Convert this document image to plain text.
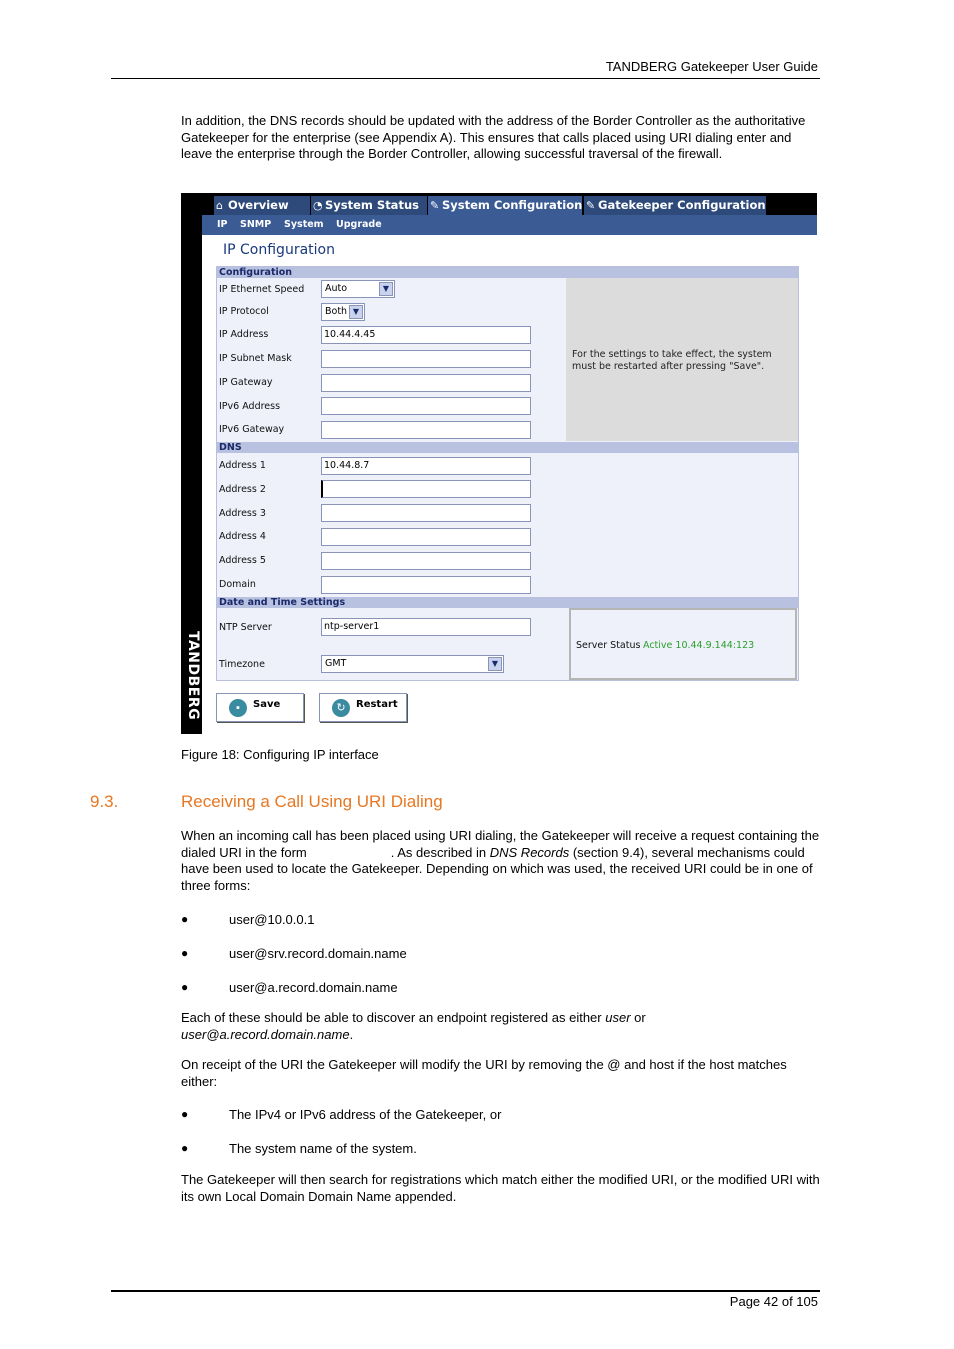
TANDBERG Gatekeeper User Guide
In addition, the DNS records should be updated with the address of the Border Controller as the authoritative Gatekeeper for the enterprise (see Appendix A). This ensures that calls placed using URI dialing enter and leave the enterprise through the Border Controller, allowing successful traversal of the firewall.
TANDBERG
⌂ Overview	◔ System Status	✎ System Configuration ✎ Gatekeeper Configuration
IP SNMP System Upgrade
IP Configuration
Configuration
IP Ethernet Speed	Auto	▼
IP Protocol	Both ▼
IP Address	10.44.4.45
IP Subnet Mask
IP Gateway
IPv6 Address
IPv6 Gateway
For the settings to take effect, the system must be restarted after pressing "Save".
DNS
Address 1	10.44.8.7
Address 2
Address 3
Address 4
Address 5
Domain
Date and Time Settings
NTP Server	ntp-server1
Timezone	GMT	▼
Server Status Active 10.44.9.144:123
▪	Save	↻	Restart
Figure 18: Configuring IP interface
9.3.	Receiving a Call Using URI Dialing
When an incoming call has been placed using URI dialing, the Gatekeeper will receive a request containing the dialed URI in the form	. As described in DNS Records (section 9.4), several mechanisms could have been used to locate the Gatekeeper. Depending on which was used, the received URI could be in one of three forms:
●	user@10.0.0.1
●	user@srv.record.domain.name
●	user@a.record.domain.name
Each of these should be able to discover an endpoint registered as either user or
user@a.record.domain.name.
On receipt of the URI the Gatekeeper will modify the URI by removing the @ and host if the host matches either:
●	The IPv4 or IPv6 address of the Gatekeeper, or
●	The system name of the system.
The Gatekeeper will then search for registrations which match either the modified URI, or the modified URI with its own Local Domain Domain Name appended.
Page 42 of 105
